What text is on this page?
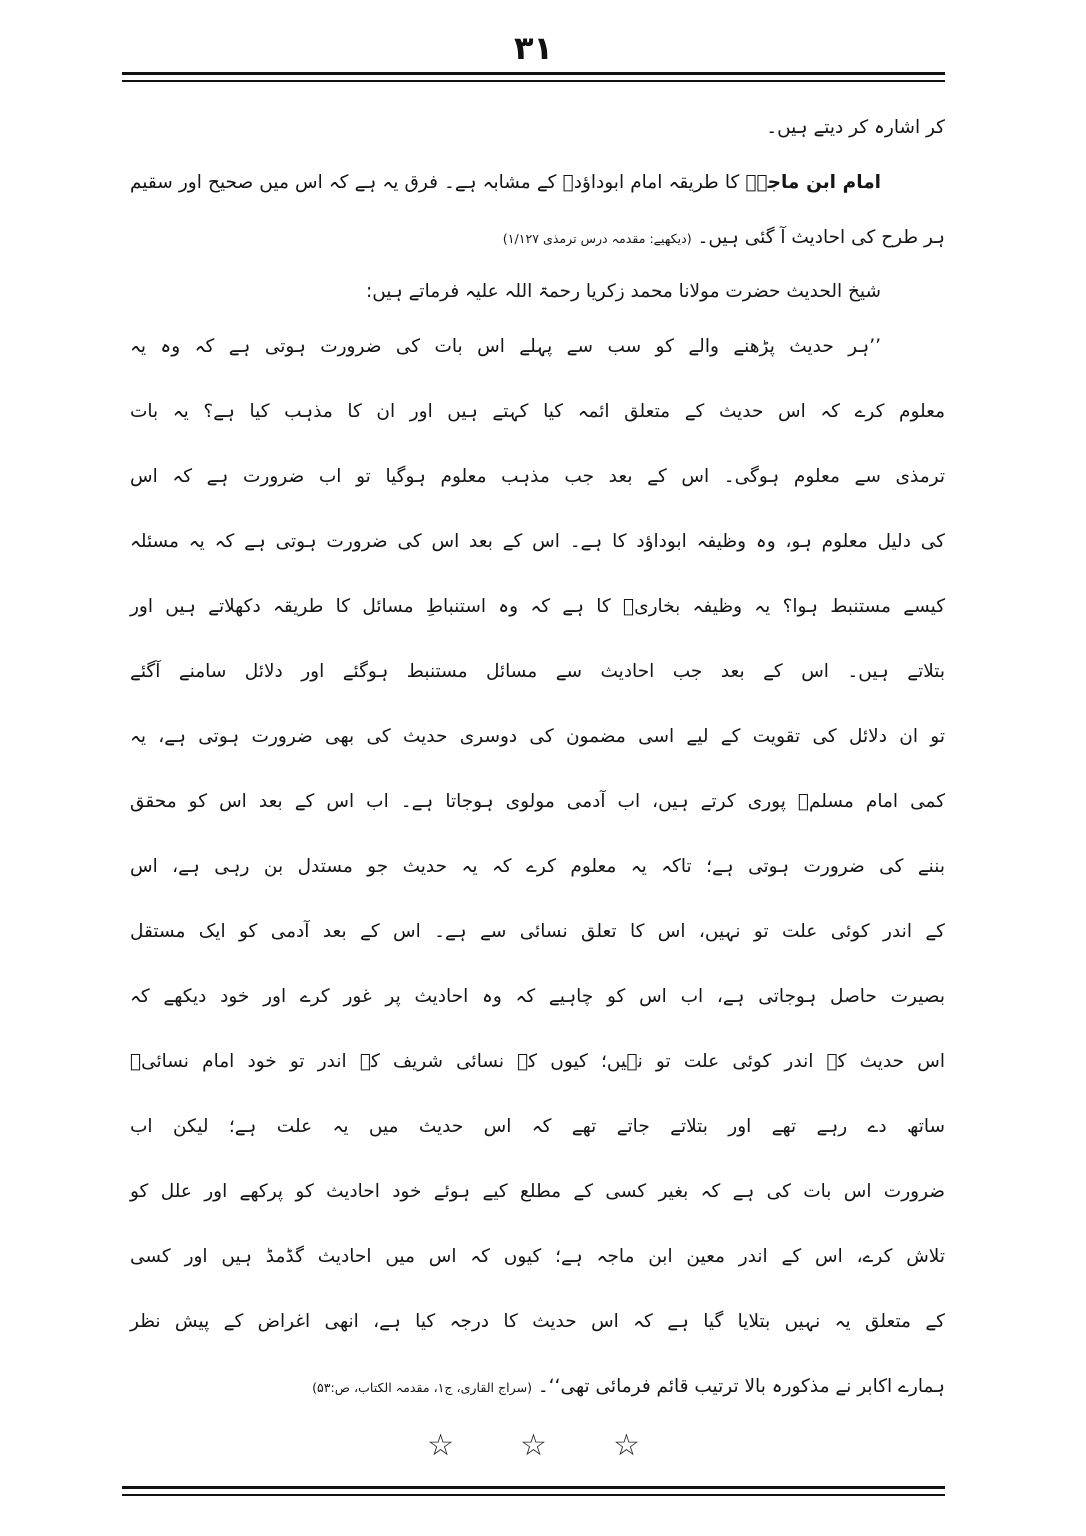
۳۱
کر اشارہ کر دیتے ہیں۔
امام ابن ماجہؒ کا طریقہ امام ابوداؤدؒ کے مشابہ ہے۔ فرق یہ ہے کہ اس میں صحیح اور سقیم
ہر طرح کی احادیث آ گئی ہیں۔ (دیکھیے: مقدمہ درس ترمذی ۱/۱۲۷)
شیخ الحدیث حضرت مولانا محمد زکریا رحمۃ اللہ علیہ فرماتے ہیں:
’’ہر حدیث پڑھنے والے کو سب سے پہلے اس بات کی ضرورت ہوتی ہے کہ وہ یہ
معلوم کرے کہ اس حدیث کے متعلق ائمہ کیا کہتے ہیں اور ان کا مذہب کیا ہے؟ یہ بات
ترمذی سے معلوم ہوگی۔ اس کے بعد جب مذہب معلوم ہوگیا تو اب ضرورت ہے کہ اس
کی دلیل معلوم ہو، وہ وظیفہ ابوداؤد کا ہے۔ اس کے بعد اس کی ضرورت ہوتی ہے کہ یہ مسئلہ
کیسے مستنبط ہوا؟ یہ وظیفہ بخاریؒ کا ہے کہ وہ استنباطِ مسائل کا طریقہ دکھلاتے ہیں اور
بتلاتے ہیں۔ اس کے بعد جب احادیث سے مسائل مستنبط ہوگئے اور دلائل سامنے آگئے
تو ان دلائل کی تقویت کے لیے اسی مضمون کی دوسری حدیث کی بھی ضرورت ہوتی ہے، یہ
کمی امام مسلمؒ پوری کرتے ہیں، اب آدمی مولوی ہوجاتا ہے۔ اب اس کے بعد اس کو محقق
بننے کی ضرورت ہوتی ہے؛ تاکہ یہ معلوم کرے کہ یہ حدیث جو مستدل بن رہی ہے، اس
کے اندر کوئی علت تو نہیں، اس کا تعلق نسائی سے ہے۔ اس کے بعد آدمی کو ایک مستقل
بصیرت حاصل ہوجاتی ہے، اب اس کو چاہیے کہ وہ احادیث پر غور کرے اور خود دیکھے کہ
اس حدیث کے اندر کوئی علت تو نہیں؛ کیوں کہ نسائی شریف کے اندر تو خود امام نسائیؒ
ساتھ دے رہے تھے اور بتلاتے جاتے تھے کہ اس حدیث میں یہ علت ہے؛ لیکن اب
ضرورت اس بات کی ہے کہ بغیر کسی کے مطلع کیے ہوئے خود احادیث کو پرکھے اور علل کو
تلاش کرے، اس کے اندر معین ابن ماجہ ہے؛ کیوں کہ اس میں احادیث گڈمڈ ہیں اور کسی
کے متعلق یہ نہیں بتلایا گیا ہے کہ اس حدیث کا درجہ کیا ہے، انھی اغراض کے پیش نظر
ہمارے اکابر نے مذکورہ بالا ترتیب قائم فرمائی تھی‘‘۔ (سراج القاری، ج۱، مقدمہ الکتاب، ص:۵۳)
☆ ☆ ☆
